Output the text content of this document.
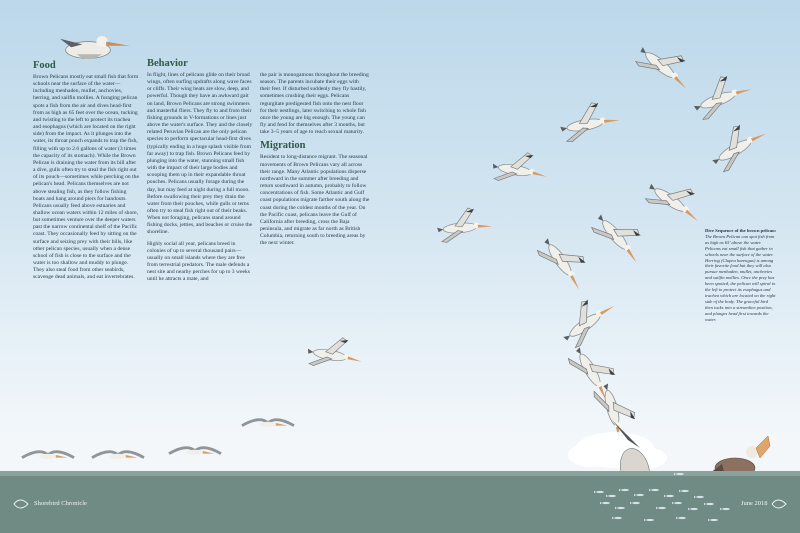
Food

Brown Pelicans mostly eat small fish that form schools near the surface of the water—including menhaden, mullet, anchovies, herring, and sailfin mollies. A foraging pelican spots a fish from the air and dives head-first from as high as 65 feet over the ocean, tucking and twisting to the left to protect its trachea and esophagus (which are located on the right side) from the impact. As it plunges into the water, its throat pouch expands to trap the fish, filling with up to 2.6 gallons of water (3 times the capacity of its stomach). While the Brown Pelican is draining the water from its bill after a dive, gulls often try to steal the fish right out of its pouch—sometimes while perching on the pelican's head. Pelicans themselves are not above stealing fish, as they follow fishing boats and hang around piers for handouts. Pelicans usually feed above estuaries and shallow ocean waters within 12 miles of shore, but sometimes venture over the deeper waters past the narrow continental shelf of the Pacific coast. They occasionally feed by sitting on the surface and seizing prey with their bills, like other pelican species, usually when a dense school of fish is close to the surface and the water is too shallow and muddy to plunge. They also steal food from other seabirds, scavenge dead animals, and eat invertebrates.

Behavior

In flight, lines of pelicans glide on their broad wings, often surfing updrafts along wave faces or cliffs. Their wing beats are slow, deep, and powerful. Though they have an awkward gait on land, Brown Pelicans are strong swimmers and masterful fliers. They fly to and from their fishing grounds in V-formations or lines just above the water's surface. They and the closely related Peruvian Pelican are the only pelican species to perform spectacular head-first dives (typically ending in a huge splash visible from far away) to trap fish. Brown Pelicans feed by plunging into the water, stunning small fish with the impact of their large bodies and scooping them up in their expandable throat pouches. Pelicans usually forage during the day, but may feed at night during a full moon. Before swallowing their prey they drain the water from their pouches, while gulls or terns often try to steal fish right out of their beaks. When not foraging, pelicans stand around fishing docks, jetties, and beaches or cruise the shoreline.

Highly social all year, pelicans breed in colonies of up to several thousand pairs—usually on small islands where they are free from terrestrial predators. The male defends a nest site and nearby perches for up to 3 weeks until he attracts a mate, and

the pair is monogamous throughout the breeding season. The parents incubate their eggs with their feet. If disturbed suddenly they fly hastily, sometimes crushing their eggs. Pelicans regurgitate predigested fish onto the nest floor for their nestlings, later switching to whole fish once the young are big enough. The young can fly and fend for themselves after 3 months, but take 3–5 years of age to reach sexual maturity.

Migration

Resident to long-distance migrant. The seasonal movements of Brown Pelicans vary all across their range. Many Atlantic populations disperse northward in the summer after breeding and return southward in autumn, probably to follow concentrations of fish. Some Atlantic and Gulf coast populations migrate farther south along the coast during the coldest months of the year. On the Pacific coast, pelicans leave the Gulf of California after breeding, cross the Baja peninsula, and migrate as far north as British Columbia, returning south to breeding areas by the next winter.

Dive Sequence of the brown pelican:
The Brown Pelican can spot fish from as high as 65' above the water. Pelicans eat small fish that gather in schools near the surface of the water. Herring (Clupea harengus) is among their favorite food but they will also pursue menhaden, mullet, anchovies and sailfin mollies. Once the prey has been spotted, the pelican will spiral to the left to protect its esophagus and trachea which are located on the right side of the body. The graceful bird then tucks into a streamline position, and plunges head first towards the water.
Shorebird Chronicle	June 2018
